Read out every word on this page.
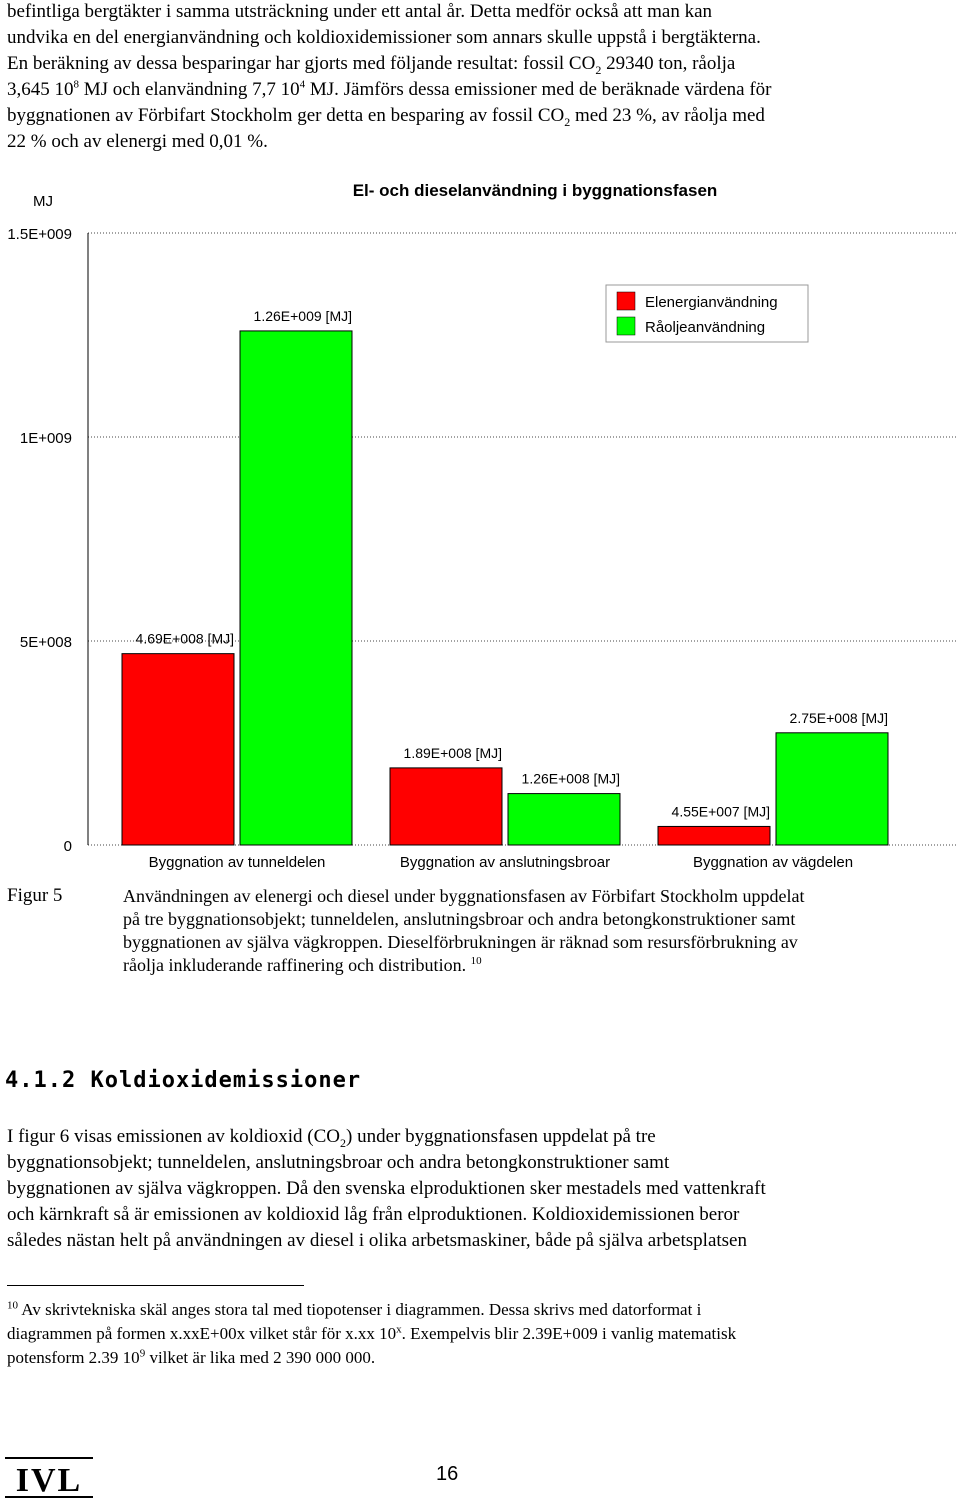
befintliga bergtäkter i samma utsträckning under ett antal år. Detta medför också att man kan

undvika en del energianvändning och koldioxidemissioner som annars skulle uppstå i bergtäkterna.

En beräkning av dessa besparingar har gjorts med följande resultat: fossil $CO_2$ 29340 ton, råolja

3,645 $10^8$ MJ och elanvändning 7,7 $10^4$ MJ. Jämförs dessa emissioner med de beräknade värdena för

byggnationen av Förbifart Stockholm ger detta en besparing av fossil $CO_2$ med 23 %, av råolja med

22 % och av elenergi med 0,01 %.

MJ
El- och dieselanvändning i byggnationsfasen
1.5E+009
1E+009
5E+008
0
4.69E+008 [MJ]
1.26E+009 [MJ]
1.89E+008 [MJ]
1.26E+008 [MJ]
4.55E+007 [MJ]
2.75E+008 [MJ]
Byggnation av tunneldelen	Byggnation av anslutningsbroar	Byggnation av vägdelen
Elenergianvändning
Råoljeanvändning
Figur 5	Användningen av elenergi och diesel under byggnationsfasen av Förbifart Stockholm uppdelat
på tre byggnationsobjekt; tunneldelen, anslutningsbroar och andra betongkonstruktioner samt
byggnationen av själva vägkroppen. Dieselförbrukningen är räknad som resursförbrukning av
råolja inkluderande raffinering och distribution. $^{10}$
4.1.2 Koldioxidemissioner

I figur 6 visas emissionen av koldioxid $(CO_2)$ under byggnationsfasen uppdelat på tre

byggnationsobjekt; tunneldelen, anslutningsbroar och andra betongkonstruktioner samt

byggnationen av själva vägkroppen. Då den svenska elproduktionen sker mestadels med vattenkraft

och kärnkraft så är emissionen av koldioxid låg från elproduktionen. Koldioxidemissionen beror

således nästan helt på användningen av diesel i olika arbetsmaskiner, både på själva arbetsplatsen

$^{10}$ Av skrivtekniska skäl anges stora tal med tiopotenser i diagrammen. Dessa skrivs med datorformat i
diagrammen på formen x.xxE+00x vilket står för x.xx 10$^x$. Exempelvis blir 2.39E+009 i vanlig matematisk
potensform 2.39 $10^9$ vilket är lika med 2 390 000 000.
IVL	16
